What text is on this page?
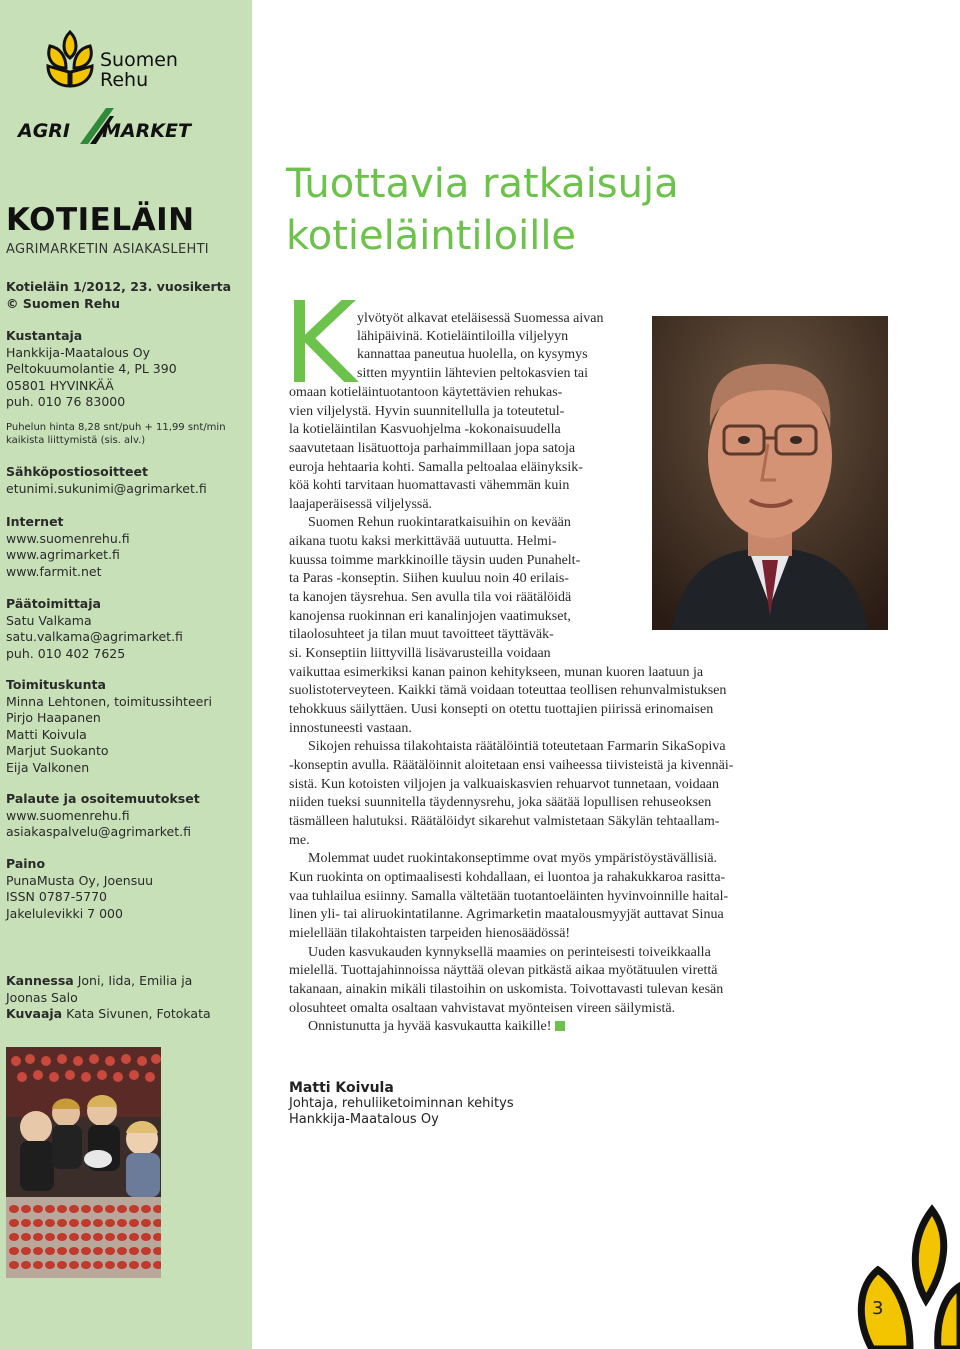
Suomen
Rehu
AGRI MARKET
KOTIELÄIN
AGRIMARKETIN ASIAKASLEHTI
Kotieläin 1/2012, 23. vuosikerta
© Suomen Rehu
Kustantaja
Hankkija-Maatalous Oy
Peltokuumolantie 4, PL 390
05801 HYVINKÄÄ
puh. 010 76 83000
Puhelun hinta 8,28 snt/puh + 11,99 snt/min
kaikista liittymistä (sis. alv.)
Sähköpostiosoitteet
etunimi.sukunimi@agrimarket.fi
Internet
www.suomenrehu.fi
www.agrimarket.fi
www.farmit.net
Päätoimittaja
Satu Valkama
satu.valkama@agrimarket.fi
puh. 010 402 7625
Toimituskunta
Minna Lehtonen, toimitussihteeri
Pirjo Haapanen
Matti Koivula
Marjut Suokanto
Eija Valkonen
Palaute ja osoitemuutokset
www.suomenrehu.fi
asiakaspalvelu@agrimarket.fi
Paino
PunaMusta Oy, Joensuu
ISSN 0787-5770
Jakelulevikki 7 000
Kannessa Joni, Iida, Emilia ja
Joonas Salo
Kuvaaja Kata Sivunen, Fotokata
Tuottavia ratkaisuja
kotieläintiloille
K ylvötyöt alkavat eteläisessä Suomessa aivan
lähipäivinä. Kotieläintiloilla viljelyyn
kannattaa paneutua huolella, on kysymys
sitten myyntiin lähtevien peltokasvien tai
omaan kotieläintuotantoon käytettävien rehukas-
vien viljelystä. Hyvin suunnitellulla ja toteutetul-
la kotieläintilan Kasvuohjelma -kokonaisuudella
saavutetaan lisätuottoja parhaimmillaan jopa satoja
euroja hehtaaria kohti. Samalla peltoalaa eläinyksik-
köä kohti tarvitaan huomattavasti vähemmän kuin
laajaperäisessä viljelyssä.
Suomen Rehun ruokintaratkaisuihin on kevään
aikana tuotu kaksi merkittävää uutuutta. Helmi-
kuussa toimme markkinoille täysin uuden Punahelt-
ta Paras -konseptin. Siihen kuuluu noin 40 erilais-
ta kanojen täysrehua. Sen avulla tila voi räätälöidä
kanojensa ruokinnan eri kanalinjojen vaatimukset,
tilaolosuhteet ja tilan muut tavoitteet täyttäväk-
si. Konseptiin liittyvillä lisävarusteilla voidaan
vaikuttaa esimerkiksi kanan painon kehitykseen, munan kuoren laatuun ja
suolistoterveyteen. Kaikki tämä voidaan toteuttaa teollisen rehunvalmistuksen
tehokkuus säilyttäen. Uusi konsepti on otettu tuottajien piirissä erinomaisen
innostuneesti vastaan.
Sikojen rehuissa tilakohtaista räätälöintiä toteutetaan Farmarin SikaSopiva
-konseptin avulla. Räätälöinnit aloitetaan ensi vaiheessa tiivisteistä ja kivennäi-
sistä. Kun kotoisten viljojen ja valkuaiskasvien rehuarvot tunnetaan, voidaan
niiden tueksi suunnitella täydennysrehu, joka säätää lopullisen rehuseoksen
täsmälleen halutuksi. Räätälöidyt sikarehut valmistetaan Säkylän tehtaallam-
me.
Molemmat uudet ruokintakonseptimme ovat myös ympäristöystävällisiä.
Kun ruokinta on optimaalisesti kohdallaan, ei luontoa ja rahakukkaroa rasitta-
vaa tuhlailua esiinny. Samalla vältetään tuotantoeläinten hyvinvoinnille haital-
linen yli- tai aliruokintatilanne. Agrimarketin maatalousmyyjät auttavat Sinua
mielellään tilakohtaisten tarpeiden hienosäädössä!
Uuden kasvukauden kynnyksellä maamies on perinteisesti toiveikkaalla
mielellä. Tuottajahinnoissa näyttää olevan pitkästä aikaa myötätuulen virettä
takanaan, ainakin mikäli tilastoihin on uskomista. Toivottavasti tulevan kesän
olosuhteet omalta osaltaan vahvistavat myönteisen vireen säilymistä.
Onnistunutta ja hyvää kasvukautta kaikille!
Matti Koivula
Johtaja, rehuliiketoiminnan kehitys
Hankkija-Maatalous Oy
3
